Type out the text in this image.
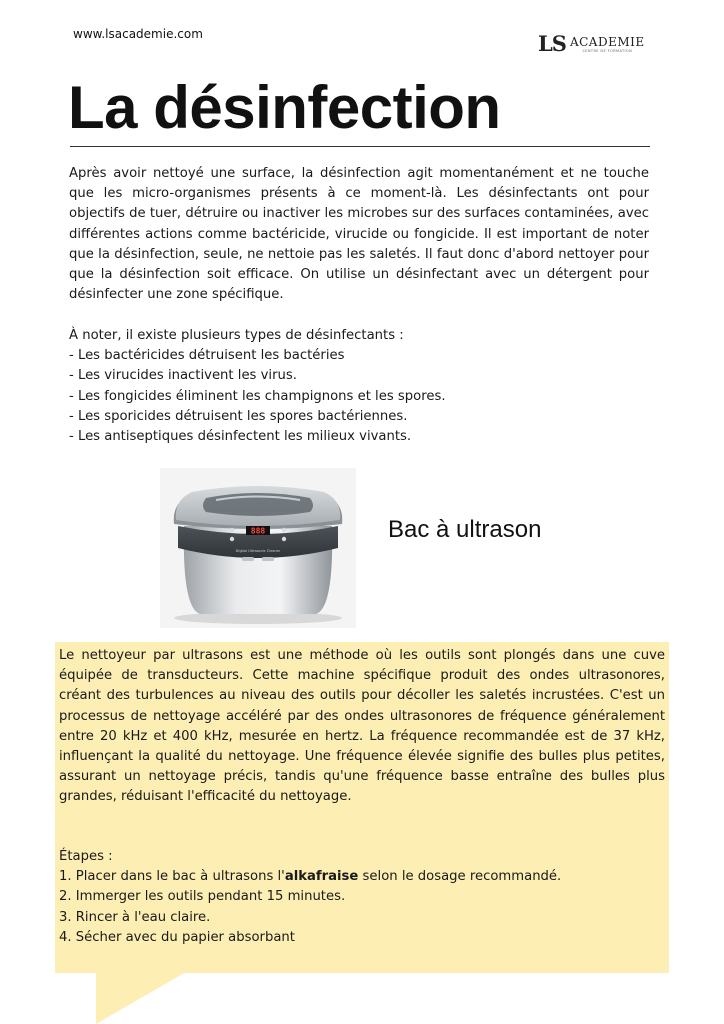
www.lsacademie.com	LS ACADEMIE
CENTRE DE FORMATION
La désinfection

Après avoir nettoyé une surface, la désinfection agit momentanément et ne touche que les micro-organismes présents à ce moment-là. Les désinfectants ont pour objectifs de tuer, détruire ou inactiver les microbes sur des surfaces contaminées, avec différentes actions comme bactéricide, virucide ou fongicide. Il est important de noter que la désinfection, seule, ne nettoie pas les saletés. Il faut donc d'abord nettoyer pour que la désinfection soit efficace. On utilise un désinfectant avec un détergent pour désinfecter une zone spécifique.

À noter, il existe plusieurs types de désinfectants :
- Les bactéricides détruisent les bactéries
- Les virucides inactivent les virus.
- Les fongicides éliminent les champignons et les spores.
- Les sporicides détruisent les spores bactériennes.
- Les antiseptiques désinfectent les milieux vivants.
888
Digital Ultrasonic Cleaner
Bac à ultrason

Le nettoyeur par ultrasons est une méthode où les outils sont plongés dans une cuve équipée de transducteurs. Cette machine spécifique produit des ondes ultrasonores, créant des turbulences au niveau des outils pour décoller les saletés incrustées. C'est un processus de nettoyage accéléré par des ondes ultrasonores de fréquence généralement entre 20 kHz et 400 kHz, mesurée en hertz. La fréquence recommandée est de 37 kHz, influençant la qualité du nettoyage. Une fréquence élevée signifie des bulles plus petites, assurant un nettoyage précis, tandis qu'une fréquence basse entraîne des bulles plus grandes, réduisant l'efficacité du nettoyage.

Étapes :
1. Placer dans le bac à ultrasons l'alkafraise selon le dosage recommandé.
2. Immerger les outils pendant 15 minutes.
3. Rincer à l'eau claire.
4. Sécher avec du papier absorbant
